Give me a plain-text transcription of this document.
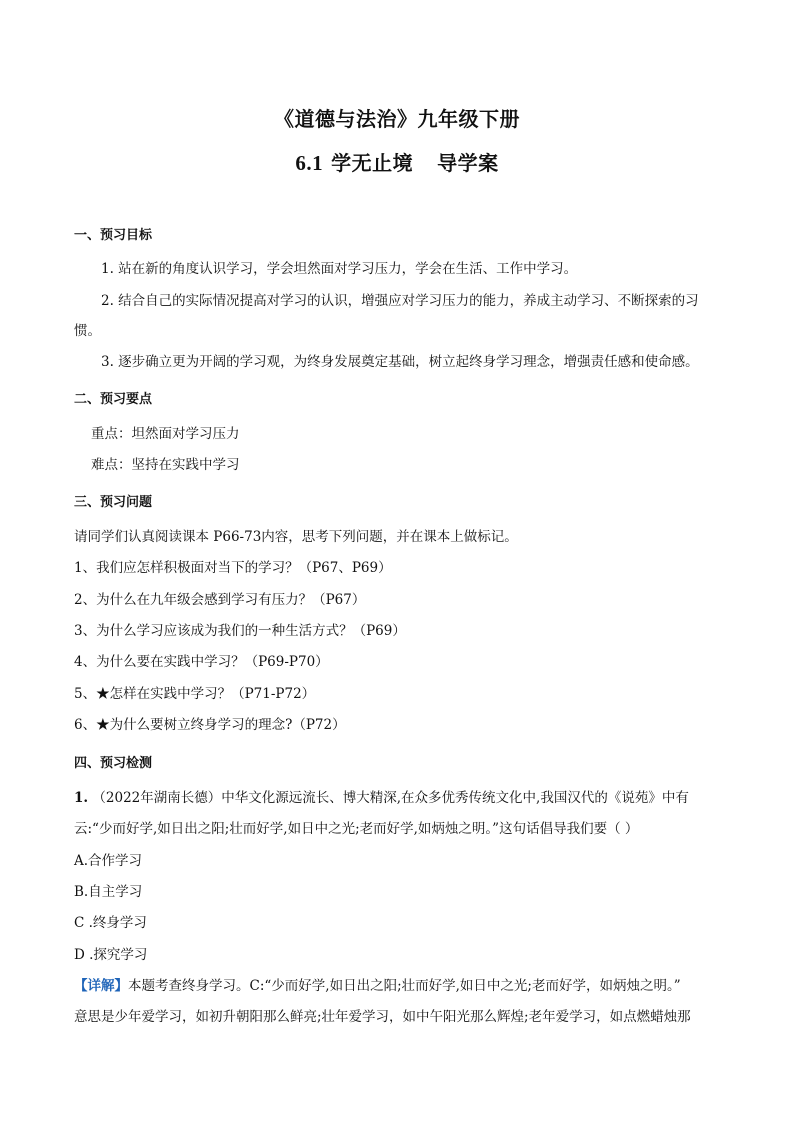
《道德与法治》九年级下册
6.1 学无止境 导学案
一、预习目标
1. 站在新的角度认识学习，学会坦然面对学习压力，学会在生活、工作中学习。
2. 结合自己的实际情况提高对学习的认识，增强应对学习压力的能力，养成主动学习、不断探索的习
惯。
3. 逐步确立更为开阔的学习观，为终身发展奠定基础，树立起终身学习理念，增强责任感和使命感。
二、预习要点
重点：坦然面对学习压力
难点：坚持在实践中学习
三、预习问题
请同学们认真阅读课本 P66-73内容，思考下列问题，并在课本上做标记。
1、我们应怎样积极面对当下的学习？（P67、P69）
2、为什么在九年级会感到学习有压力？（P67）
3、为什么学习应该成为我们的一种生活方式？（P69）
4、为什么要在实践中学习？（P69-P70）
5、★怎样在实践中学习？（P71-P72）
6、★为什么要树立终身学习的理念?（P72）
四、预习检测
1. （2022年湖南长德）中华文化源远流长、博大精深,在众多优秀传统文化中,我国汉代的《说苑》中有
云:“少而好学,如日出之阳;壮而好学,如日中之光;老而好学,如炳烛之明。”这句话倡导我们要（ ）
A.合作学习
B.自主学习
C .终身学习
D .探究学习
【详解】本题考查终身学习。C:“少而好学,如日出之阳;壮而好学,如日中之光;老而好学，如炳烛之明。”
意思是少年爱学习，如初升朝阳那么鲜亮;壮年爱学习，如中午阳光那么辉煌;老年爱学习，如点燃蜡烛那
